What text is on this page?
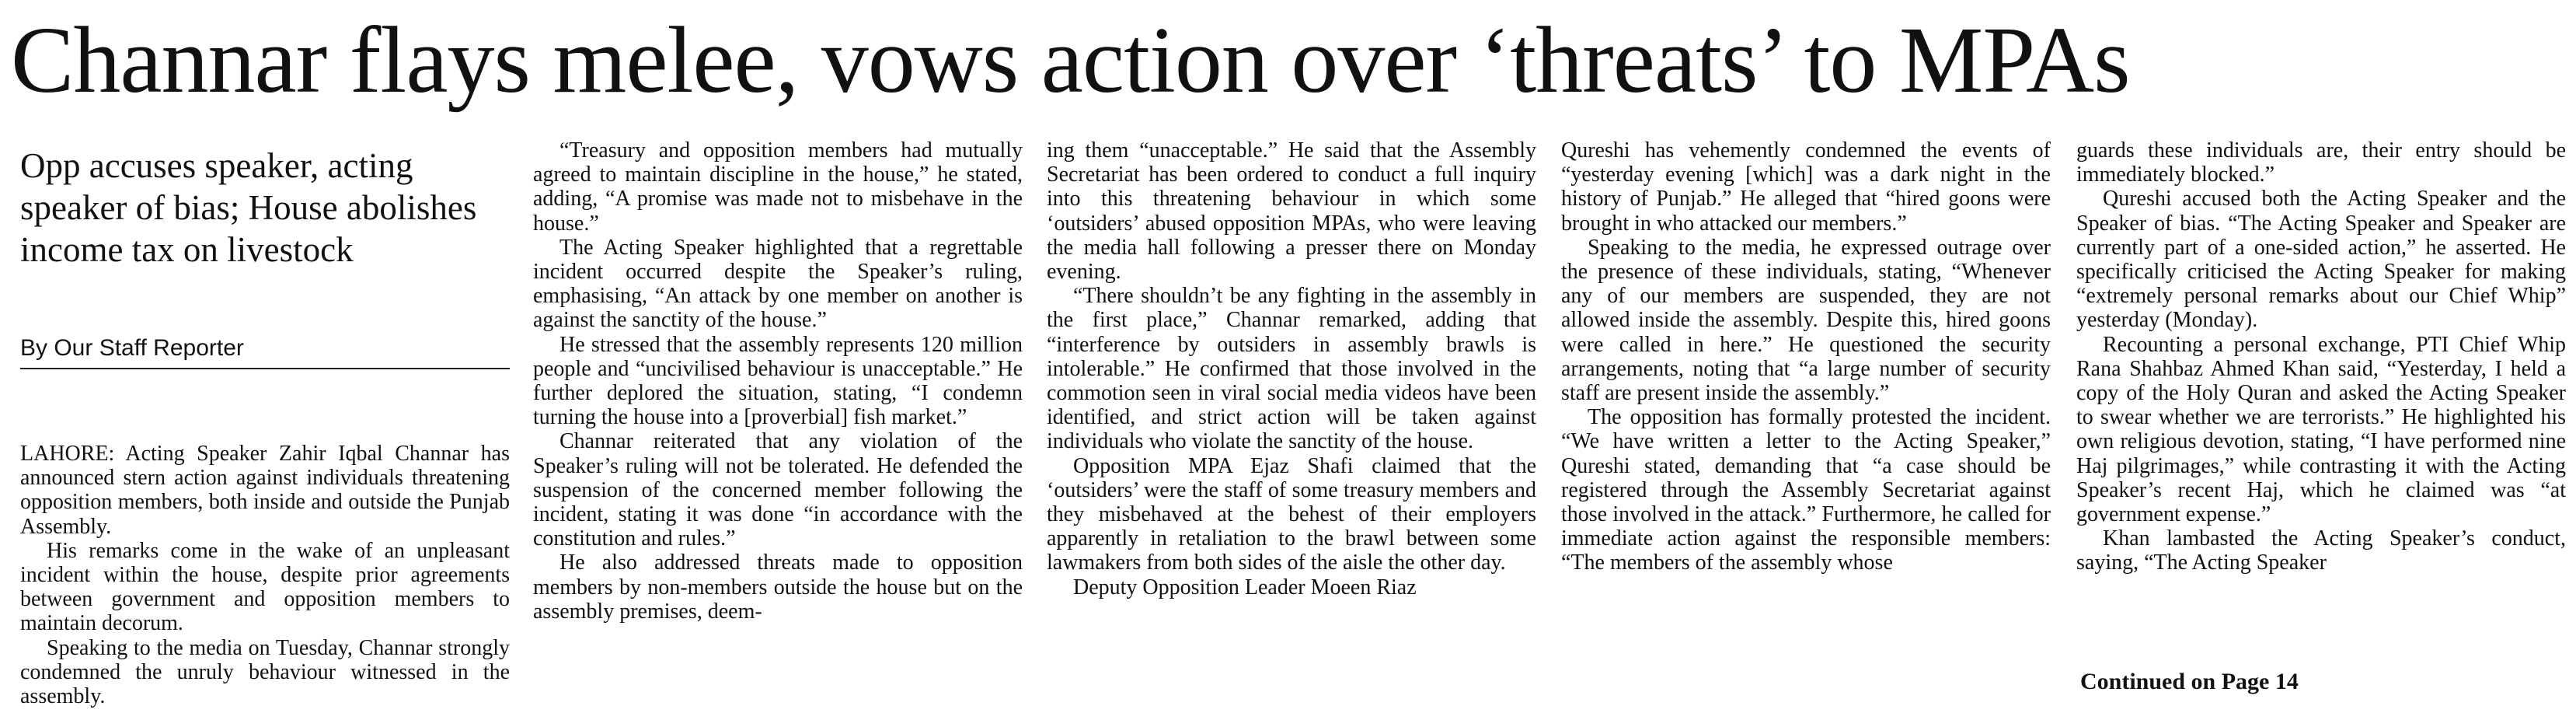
Channar flays melee, vows action over ‘threats’ to MPAs
Opp accuses speaker, acting speaker of bias; House abolishes income tax on livestock
By Our Staff Reporter

LAHORE: Acting Speaker Zahir Iqbal Channar has announced stern action against individuals threatening opposition members, both inside and outside the Punjab Assembly.

His remarks come in the wake of an unpleasant incident within the house, despite prior agreements between government and opposition members to maintain decorum.

Speaking to the media on Tuesday, Channar strongly condemned the unruly behaviour witnessed in the assembly.

“Treasury and opposition members had mutually agreed to maintain discipline in the house,” he stated, adding, “A promise was made not to misbehave in the house.”

The Acting Speaker highlighted that a regrettable incident occurred despite the Speaker’s ruling, emphasising, “An attack by one member on another is against the sanctity of the house.”

He stressed that the assembly represents 120 million people and “uncivilised behaviour is unacceptable.” He further deplored the situation, stating, “I condemn turning the house into a [proverbial] fish market.”

Channar reiterated that any violation of the Speaker’s ruling will not be tolerated. He defended the suspension of the concerned member following the incident, stating it was done “in accordance with the constitution and rules.”

He also addressed threats made to opposition members by non-members outside the house but on the assembly premises, deem-

ing them “unacceptable.” He said that the Assembly Secretariat has been ordered to conduct a full inquiry into this threatening behaviour in which some ‘outsiders’ abused opposition MPAs, who were leaving the media hall following a presser there on Monday evening.

“There shouldn’t be any fighting in the assembly in the first place,” Channar remarked, adding that “interference by outsiders in assembly brawls is intolerable.” He confirmed that those involved in the commotion seen in viral social media videos have been identified, and strict action will be taken against individuals who violate the sanctity of the house.

Opposition MPA Ejaz Shafi claimed that the ‘outsiders’ were the staff of some treasury members and they misbehaved at the behest of their employers apparently in retaliation to the brawl between some lawmakers from both sides of the aisle the other day.

Deputy Opposition Leader Moeen Riaz

Qureshi has vehemently condemned the events of “yesterday evening [which] was a dark night in the history of Punjab.” He alleged that “hired goons were brought in who attacked our members.”

Speaking to the media, he expressed outrage over the presence of these individuals, stating, “Whenever any of our members are suspended, they are not allowed inside the assembly. Despite this, hired goons were called in here.” He questioned the security arrangements, noting that “a large number of security staff are present inside the assembly.”

The opposition has formally protested the incident. “We have written a letter to the Acting Speaker,” Qureshi stated, demanding that “a case should be registered through the Assembly Secretariat against those involved in the attack.” Furthermore, he called for immediate action against the responsible members: “The members of the assembly whose

guards these individuals are, their entry should be immediately blocked.”

Qureshi accused both the Acting Speaker and the Speaker of bias. “The Acting Speaker and Speaker are currently part of a one-sided action,” he asserted. He specifically criticised the Acting Speaker for making “extremely personal remarks about our Chief Whip” yesterday (Monday).

Recounting a personal exchange, PTI Chief Whip Rana Shahbaz Ahmed Khan said, “Yesterday, I held a copy of the Holy Quran and asked the Acting Speaker to swear whether we are terrorists.” He highlighted his own religious devotion, stating, “I have performed nine Haj pilgrimages,” while contrasting it with the Acting Speaker’s recent Haj, which he claimed was “at government expense.”

Khan lambasted the Acting Speaker’s conduct, saying, “The Acting Speaker

Continued on Page 14
